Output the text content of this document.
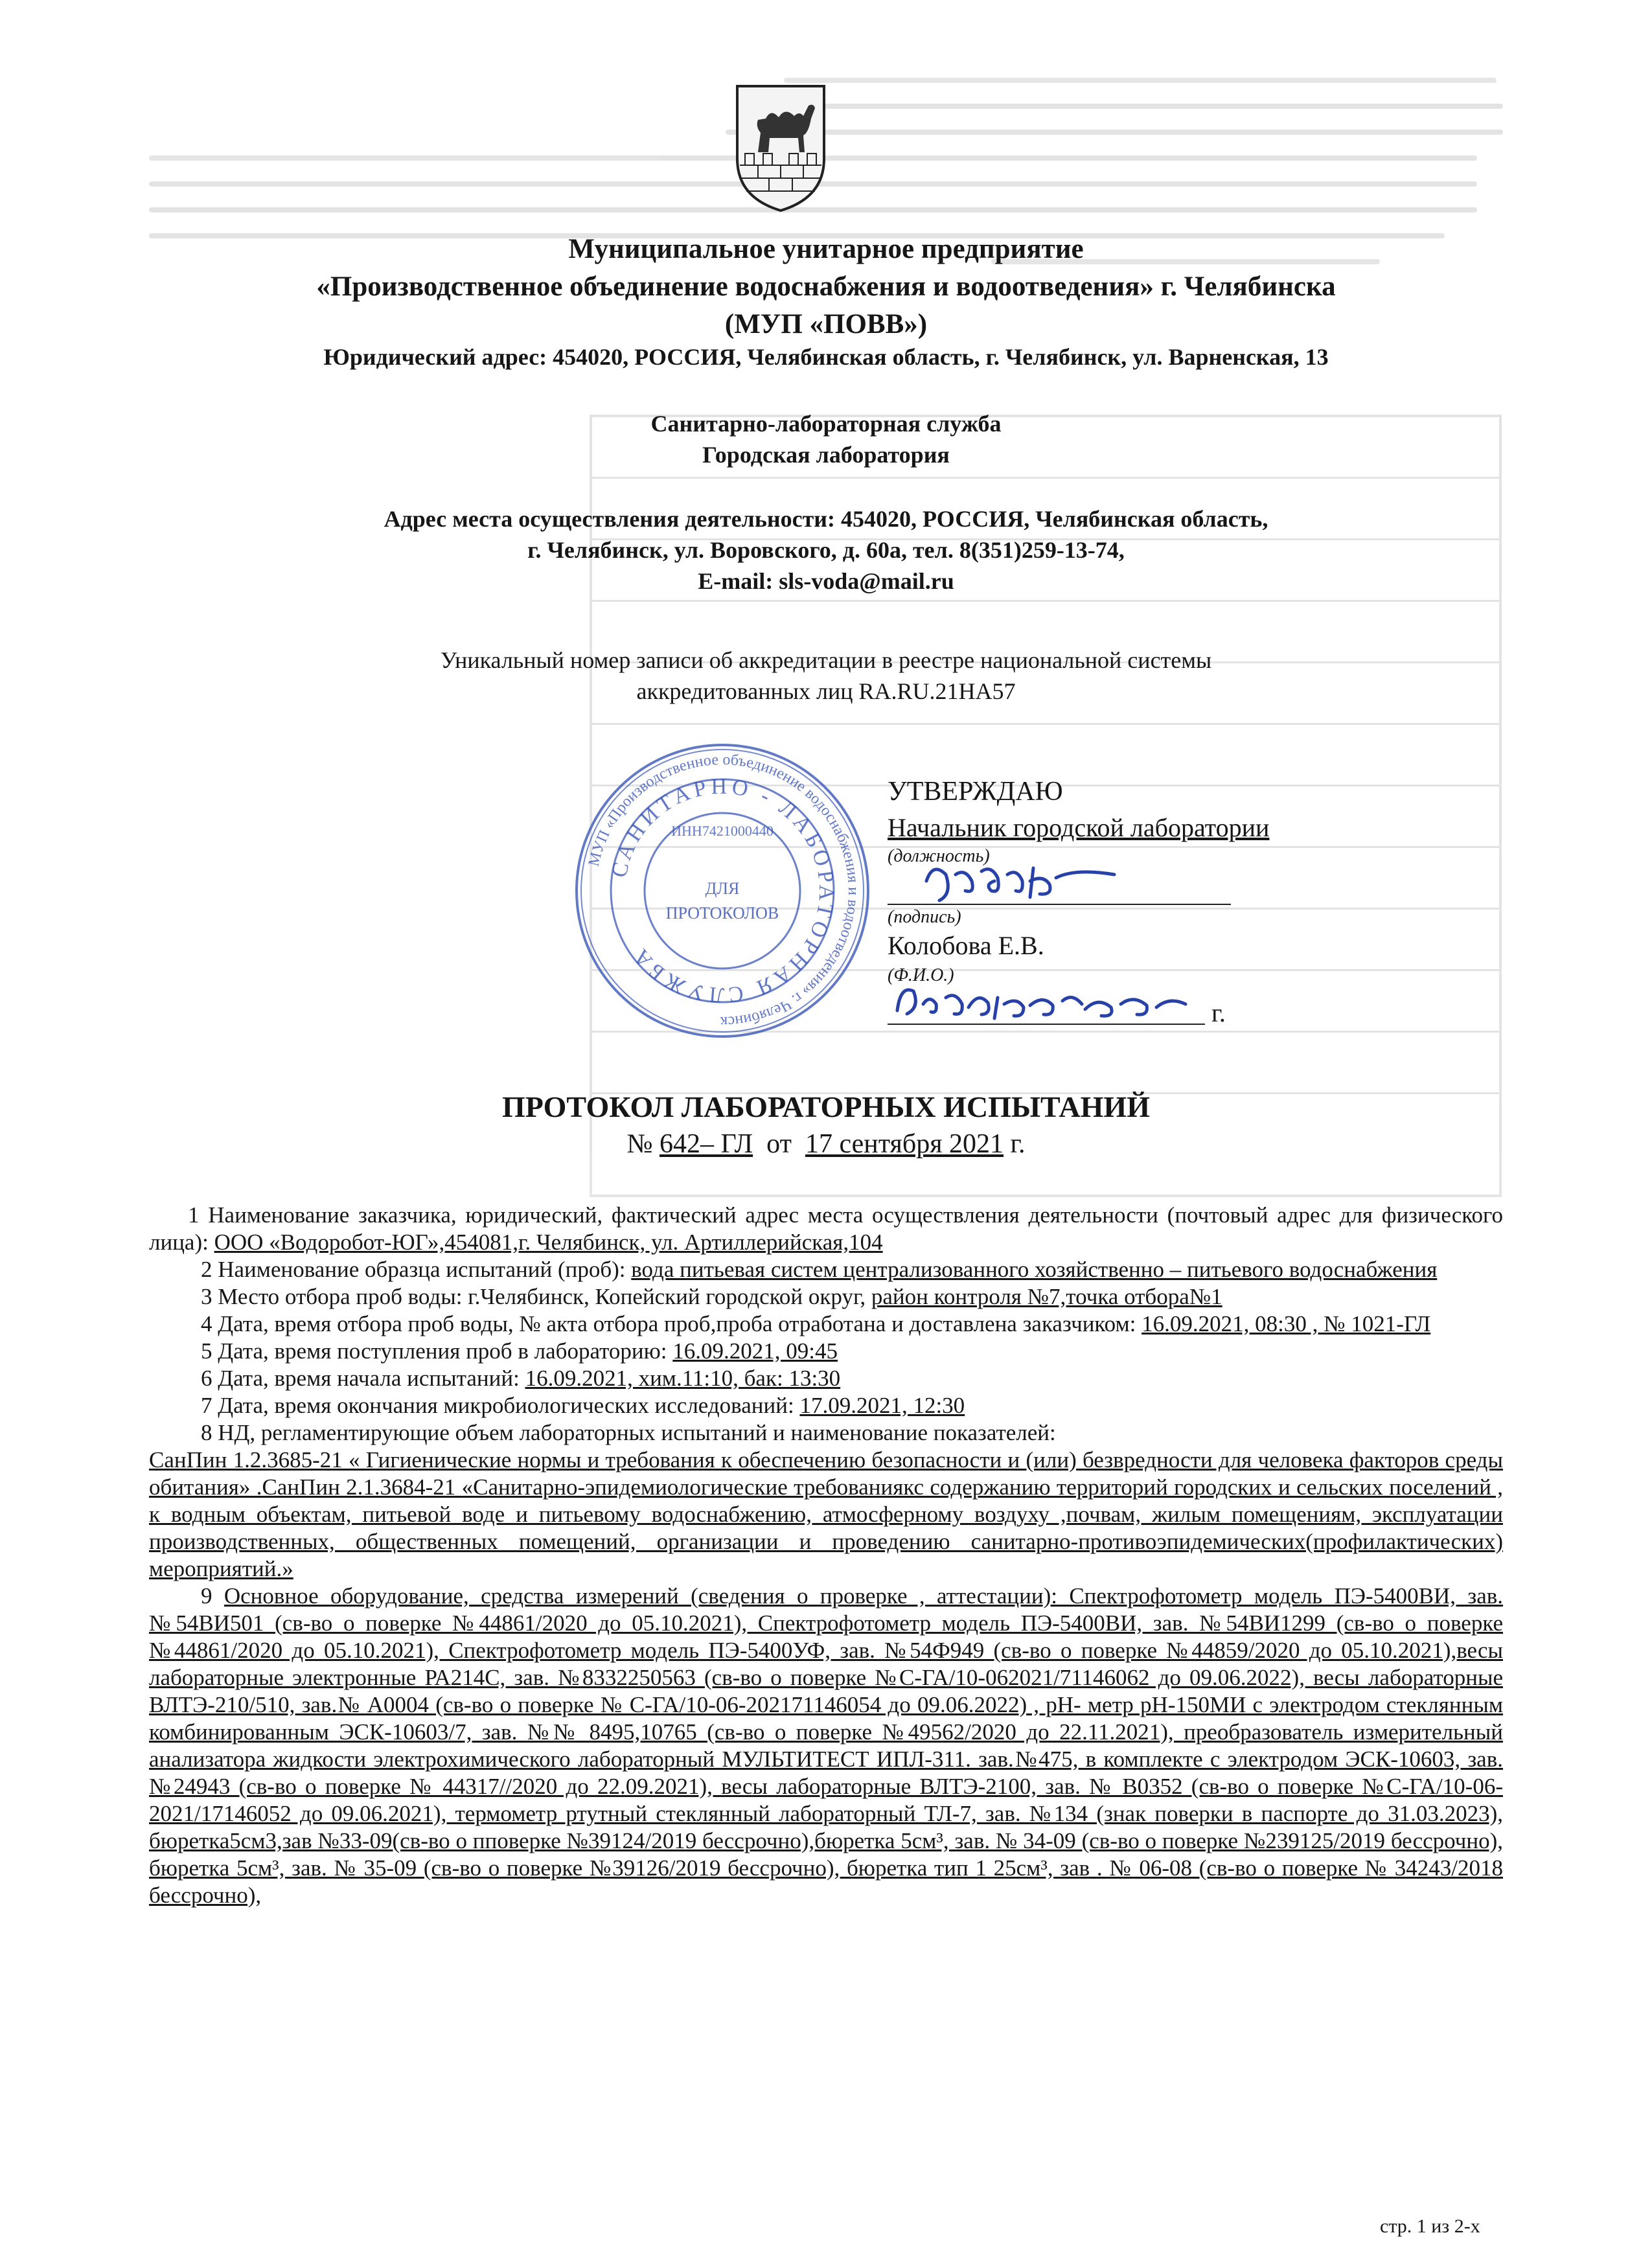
Муниципальное унитарное предприятие
«Производственное объединение водоснабжения и водоотведения» г. Челябинска
(МУП «ПОВВ»)
Юридический адрес: 454020, РОССИЯ, Челябинская область, г. Челябинск, ул. Варненская, 13
Санитарно-лабораторная служба
Городская лаборатория
Адрес места осуществления деятельности: 454020, РОССИЯ, Челябинская область,
г. Челябинск, ул. Воровского, д. 60а, тел. 8(351)259-13-74,
E-mail: sls-voda@mail.ru
Уникальный номер записи об аккредитации в реестре национальной системы
аккредитованных лиц RA.RU.21НА57
МУП «Производственное объединение водоснабжения и водоотведения» г. Челябинск
САНИТАРНО - ЛАБОРАТОРНАЯ СЛУЖБА
ИНН7421000440
ДЛЯ
ПРОТОКОЛОВ
УТВЕРЖДАЮ
Начальник городской лаборатории
(должность)
(подпись)
Колобова Е.В.
(Ф.И.О.)
г.
ПРОТОКОЛ ЛАБОРАТОРНЫХ ИСПЫТАНИЙ
№ 642– ГЛ от 17 сентября 2021 г.

1 Наименование заказчика, юридический, фактический адрес места осуществления деятельности (почтовый адрес для физического лица): ООО «Водоробот-ЮГ»,454081,г. Челябинск, ул. Артиллерийская,104

2 Наименование образца испытаний (проб): вода питьевая систем централизованного хозяйственно – питьевого водоснабжения

3 Место отбора проб воды: г.Челябинск, Копейский городской округ, район контроля №7,точка отбора№1

4 Дата, время отбора проб воды, № акта отбора проб,проба отработана и доставлена заказчиком: 16.09.2021, 08:30 , № 1021-ГЛ

5 Дата, время поступления проб в лабораторию: 16.09.2021, 09:45

6 Дата, время начала испытаний: 16.09.2021, хим.11:10, бак: 13:30

7 Дата, время окончания микробиологических исследований: 17.09.2021, 12:30

8 НД, регламентирующие объем лабораторных испытаний и наименование показателей:

СанПин 1.2.3685-21 « Гигиенические нормы и требования к обеспечению безопасности и (или) безвредности для человека факторов среды обитания» .СанПин 2.1.3684-21 «Санитарно-эпидемиологические требованиякс содержанию территорий городских и сельских поселений , к водным объектам, питьевой воде и питьевому водоснабжению, атмосферному воздуху ,почвам, жилым помещениям, эксплуатации производственных, общественных помещений, организации и проведению санитарно-противоэпидемических(профилактических) мероприятий.»

9 Основное оборудование, средства измерений (сведения о проверке , аттестации): Спектрофотометр модель ПЭ-5400ВИ, зав. №54ВИ501 (св-во о поверке №44861/2020 до 05.10.2021), Спектрофотометр модель ПЭ-5400ВИ, зав. №54ВИ1299 (св-во о поверке №44861/2020 до 05.10.2021), Спектрофотометр модель ПЭ-5400УФ, зав. №54Ф949 (св-во о поверке №44859/2020 до 05.10.2021),весы лабораторные электронные РА214С, зав. №8332250563 (св-во о поверке №С-ГА/10-062021/71146062 до 09.06.2022), весы лабораторные ВЛТЭ-210/510, зав.№ А0004 (св-во о поверке № С-ГА/10-06-202171146054 до 09.06.2022) , рН- метр рН-150МИ с электродом стеклянным комбинированным ЭСК-10603/7, зав. №№ 8495,10765 (св-во о поверке №49562/2020 до 22.11.2021), преобразователь измерительный анализатора жидкости электрохимического лабораторный МУЛЬТИТЕСТ ИПЛ-311. зав.№475, в комплекте с электродом ЭСК-10603, зав.№24943 (св-во о поверке № 44317//2020 до 22.09.2021), весы лабораторные ВЛТЭ-2100, зав. № В0352 (св-во о поверке №С-ГА/10-06-2021/17146052 до 09.06.2021), термометр ртутный стеклянный лабораторный ТЛ-7, зав. №134 (знак поверки в паспорте до 31.03.2023), бюретка5см3,зав №33-09(св-во о пповерке №39124/2019 бессрочно),бюретка 5см³, зав. № 34-09 (св-во о поверке №239125/2019 бессрочно), бюретка 5см³, зав. № 35-09 (св-во о поверке №39126/2019 бессрочно), бюретка тип 1 25см³, зав . № 06-08 (св-во о поверке № 34243/2018 бессрочно),

стр. 1 из 2-х
